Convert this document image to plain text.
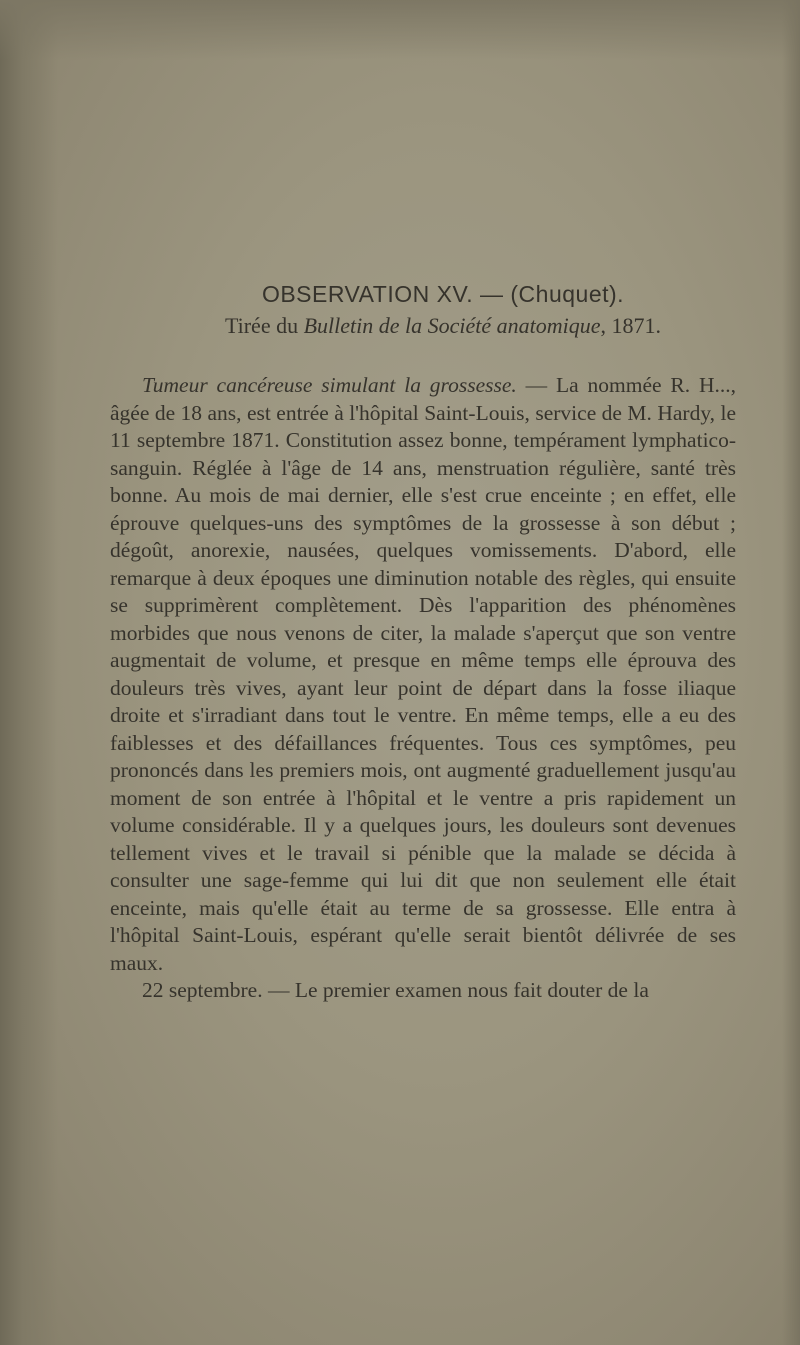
OBSERVATION XV. — (Chuquet).

Tirée du Bulletin de la Société anatomique, 1871.

Tumeur cancéreuse simulant la grossesse. — La nommée R. H..., âgée de 18 ans, est entrée à l'hôpital Saint-Louis, service de M. Hardy, le 11 septembre 1871. Constitution assez bonne, tempérament lymphatico-sanguin. Réglée à l'âge de 14 ans, menstruation régulière, santé très bonne. Au mois de mai dernier, elle s'est crue enceinte ; en effet, elle éprouve quelques-uns des symptômes de la grossesse à son début ; dégoût, anorexie, nausées, quelques vomissements. D'abord, elle remarque à deux époques une diminution notable des règles, qui ensuite se supprimèrent complètement. Dès l'apparition des phénomènes morbides que nous venons de citer, la malade s'aperçut que son ventre augmentait de volume, et presque en même temps elle éprouva des douleurs très vives, ayant leur point de départ dans la fosse iliaque droite et s'irradiant dans tout le ventre. En même temps, elle a eu des faiblesses et des défaillances fréquentes. Tous ces symptômes, peu prononcés dans les premiers mois, ont augmenté graduellement jusqu'au moment de son entrée à l'hôpital et le ventre a pris rapidement un volume considérable. Il y a quelques jours, les douleurs sont devenues tellement vives et le travail si pénible que la malade se décida à consulter une sage-femme qui lui dit que non seulement elle était enceinte, mais qu'elle était au terme de sa grossesse. Elle entra à l'hôpital Saint-Louis, espérant qu'elle serait bientôt délivrée de ses maux.

22 septembre. — Le premier examen nous fait douter de la
